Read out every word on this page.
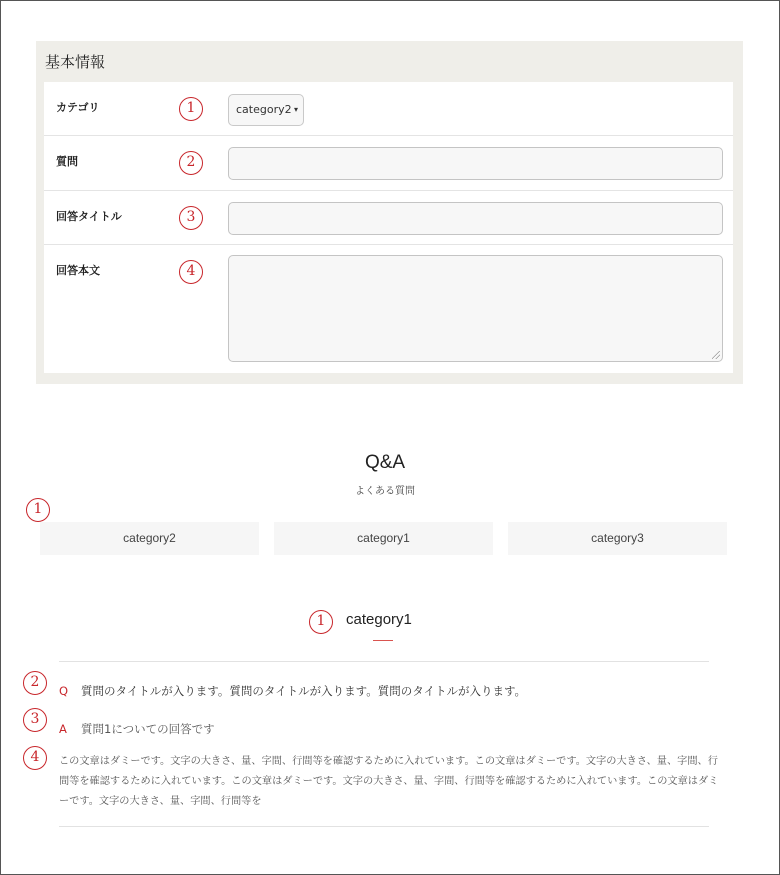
基本情報
カテゴリ	1	category2 ▾
質問	2
回答タイトル	3
回答本文	4
Q&A
よくある質問
1
category2	category1	category3
1	category1
2
Q 質問のタイトルが入ります。質問のタイトルが入ります。質問のタイトルが入ります。
3
A 質問1についての回答です
4	この文章はダミーです。文字の大きさ、量、字間、行間等を確認するために入れています。この文章はダミーです。文字の大きさ、量、字間、行間等を確認するために入れています。この文章はダミーです。文字の大きさ、量、字間、行間等を確認するために入れています。この文章はダミーです。文字の大きさ、量、字間、行間等を
